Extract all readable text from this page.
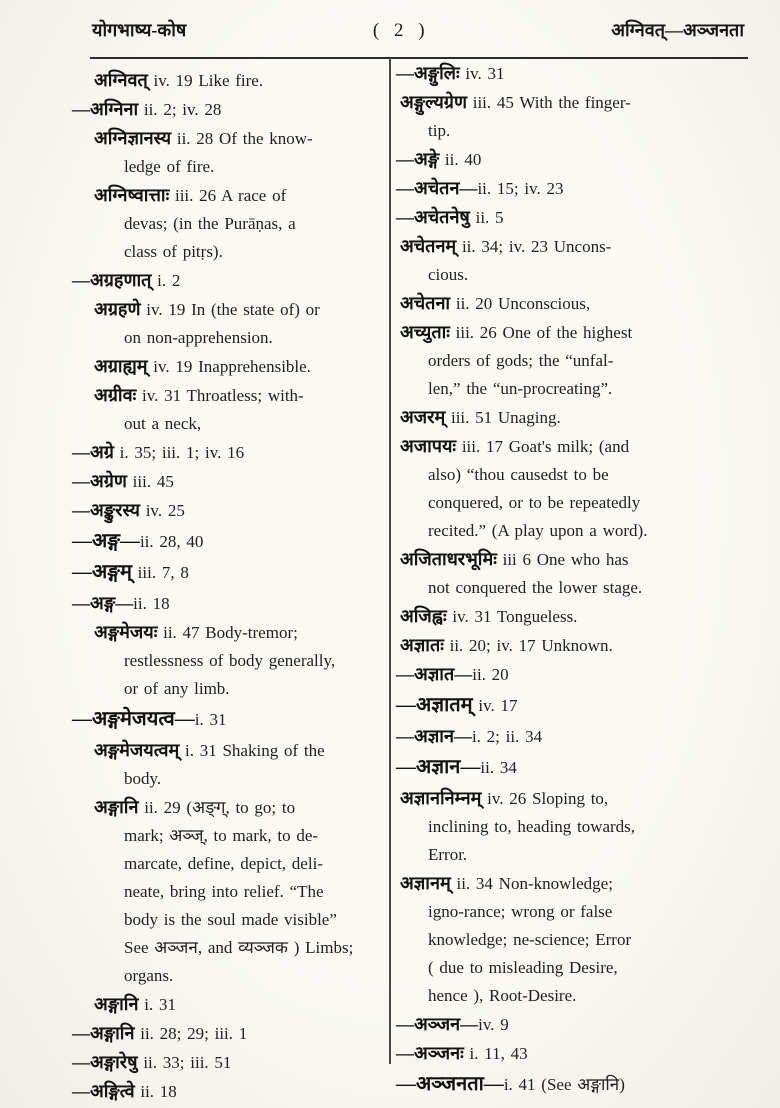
योगभाष्य-कोष	( 2 )	अग्निवत्—अञ्जनता
अग्निवत् iv. 19 Like fire.
—अग्निना ii. 2; iv. 28
अग्निज्ञानस्य ii. 28 Of the know-
ledge of fire.
अग्निष्वात्ताः iii. 26 A race of
devas; (in the Purāṇas, a
class of pitṛs).
—अग्रहणात् i. 2
अग्रहणे iv. 19 In (the state of) or
on non-apprehension.
अग्राह्यम् iv. 19 Inapprehensible.
अग्रीवः iv. 31 Throatless; with-
out a neck,
—अग्रे i. 35; iii. 1; iv. 16
—अग्रेण iii. 45
—अङ्कुरस्य iv. 25
—अङ्ग—ii. 28, 40
—अङ्गम् iii. 7, 8
—अङ्ग—ii. 18
अङ्गमेजयः ii. 47 Body-tremor;
restlessness of body generally,
or of any limb.
—अङ्गमेजयत्व—i. 31
अङ्गमेजयत्वम् i. 31 Shaking of the
body.
अङ्गानि ii. 29 (अङ्ग्, to go; to
mark; अञ्ज्, to mark, to de-
marcate, define, depict, deli-
neate, bring into relief. “The
body is the soul made visible”
See अञ्जन, and व्यञ्जक ) Limbs;
organs.
अङ्गानि i. 31
—अङ्गानि ii. 28; 29; iii. 1
—अङ्गारेषु ii. 33; iii. 51
—अङ्गित्वे ii. 18
—अङ्गुलिः iv. 31
अङ्गुल्यग्रेण iii. 45 With the finger-
tip.
—अङ्गे ii. 40
—अचेतन—ii. 15; iv. 23
—अचेतनेषु ii. 5
अचेतनम् ii. 34; iv. 23 Uncons-
cious.
अचेतना ii. 20 Unconscious,
अच्युताः iii. 26 One of the highest
orders of gods; the “unfal-
len,” the “un-procreating”.
अजरम् iii. 51 Unaging.
अजापयः iii. 17 Goat's milk; (and
also) “thou causedst to be
conquered, or to be repeatedly
recited.” (A play upon a word).
अजिताधरभूमिः iii 6 One who has
not conquered the lower stage.
अजिह्वः iv. 31 Tongueless.
अज्ञातः ii. 20; iv. 17 Unknown.
—अज्ञात—ii. 20
—अज्ञातम् iv. 17
—अज्ञान—i. 2; ii. 34
—अज्ञान—ii. 34
अज्ञाननिम्नम् iv. 26 Sloping to,
inclining to, heading towards,
Error.
अज्ञानम् ii. 34 Non-knowledge;
igno-rance; wrong or false
knowledge; ne-science; Error
( due to misleading Desire,
hence ), Root-Desire.
—अञ्जन—iv. 9
—अञ्जनः i. 11, 43
—अञ्जनता—i. 41 (See अङ्गानि)
